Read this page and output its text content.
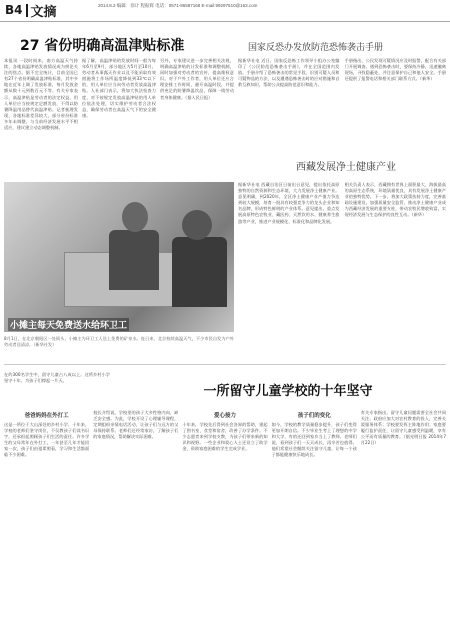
B4 文摘	2014.8.2 编辑：徐计 程振辉 电话：0571-86587168 E-mail:99297510@163.com
27 省份明确高温津贴标准
本报讯 一段时间来，南方高温天气持续，各地高温津贴发放情况成为舆论关注的焦点。据不完全统计，目前全国已有27个省份明确高温津贴标准，其中多地在近年上调了发放标准，每月发放金额从数十元到数百元不等。有关专家表示，高温津贴是劳动者的法定权益，用人单位应当按规定足额发放，不得以防暑降温用品替代高温津贴。记者梳理发现，各地标准差异较大，部分省份标准多年未调整，与当前经济发展水平不相适应，建议建立动态调整机制。
据了解，高温津贴的发放时间一般为每年6月至9月，部分地区为5月至10月。劳动者从事露天作业以及不能采取有效措施将工作场所温度降低到33℃以下的，用人单位应当向劳动者发放高温津贴。人社部门表示，将加大执法检查力度，对不按规定发放高温津贴的用人单位依法处理，切实维护劳动者合法权益，确保劳动者在高温天气下的安全健康。
另外，专家建议进一步完善相关法规，明确高温津贴的计发标准和调整机制，同时加强对劳动者的宣传，提高维权意识。对于户外工作者，用人单位还应合理安排工作时间，避开高温时段，并提供充足的防暑降温饮品，保障一线劳动者身体健康。（据人民日报）
小摊主每天免费送水给环卫工
8月1日，在北京朝阳区一处街头，小摊主为环卫工人送上免费的矿泉水。连日来，北京持续高温天气，不少市民自发为户外劳动者送清凉。（新华社发）
国家反恐办发放防范恐怖袭击手册
据新华社电 近日，国家反恐怖工作领导小组办公室编印了《公民防范恐怖袭击手册》，并在全国范围内发放。手册介绍了恐怖袭击的常见手段、识别可疑人员和可疑物品的方法，以及遭遇恐怖袭击时的应对措施和自救互救知识，帮助公众提高防范意识和能力。
手册指出，公民发现可疑情况应及时报警，配合有关部门开展调查。遇到恐怖袭击时，要保持冷静，迅速撤离现场，寻找隐蔽处，并注意保护自己和他人安全。手册还提供了报警电话和相关部门联系方式。（新华）
西藏发展净土健康产业
据新华社电 西藏自治区日前出台意见，提出依托高原独特的自然资源和生态环境，大力发展净土健康产业。意见明确，到2020年，全区净土健康产业产值力争达到较大规模，培育一批具有较强竞争力的龙头企业和知名品牌，形成特色鲜明的产业体系。意见提出，重点发展高原特色农牧业、藏医药、天然饮用水、健康养生旅游等产业，推进产业规模化、标准化和品牌化发展。
相关负责人表示，西藏拥有世界上面积最大、海拔最高的高原生态系统，环境质量优良，具有发展净土健康产业的独特优势。下一步，将加大政策扶持力度，完善基础设施建设，加强质量安全监管，推动净土健康产业成为西藏经济发展的重要支柱，带动农牧民增收致富，实现经济发展与生态保护的良性互动。（新华）
在约300名学生中，留守儿童占八成以上。这所乡村小学坚守十年，为孩子们撑起一片天。
一所留守儿童学校的十年坚守
爸爸妈妈在外打工
这是一所位于大山深处的乡村小学。十年来，学校的老师们坚守岗位，不仅教孩子们读书识字，还承担起照顾孩子们生活的责任。许多学生的父母常年在外打工，一年甚至几年才能回家一次，孩子们由祖辈照看，学习和生活都面临不少困难。
校长介绍说，学校里的孩子大多性格内向，缺乏安全感。为此，学校开设了心理辅导课程，定期组织亲情电话活动，让孩子们与远方的父母保持联系。老师们还经常家访，了解孩子们的家庭情况，帮助解决实际困难。
爱心接力
十年来，学校先后得到社会各界的帮助，建起了图书室、食堂和宿舍，改善了办学条件。不少志愿者来到学校支教，为孩子们带来新的知识和视野。一些企业和爱心人士还设立了助学金，资助家庭困难的学生完成学业。
孩子们的变化
如今，学校的教学质量稳步提升，孩子们变得更加开朗自信。不少毕业生考上了理想的中学和大学，有的还回到家乡当上了教师。老师们说，看到孩子们一天天成长，再辛苦也值得。他们希望社会继续关注留守儿童，让每一个孩子都能健康快乐地成长。
有关专家指出，留守儿童问题需要全社会共同关注。政府应加大对农村教育的投入，完善关爱服务体系；学校要发挥主阵地作用；家庭要履行监护责任，让留守儿童感受到温暖，享有公平而有质量的教育。（据光明日报 2014年7月22日）
